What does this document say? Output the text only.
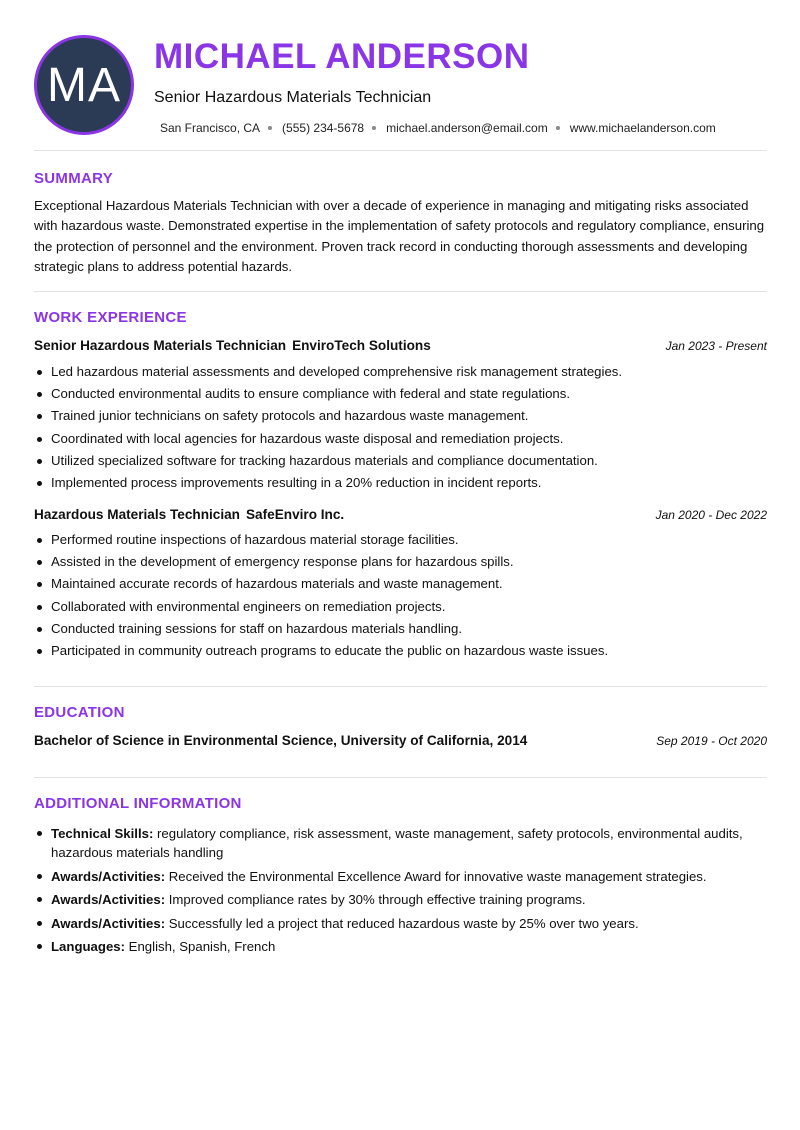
MA
MICHAEL ANDERSON
Senior Hazardous Materials Technician
San Francisco, CA (555) 234-5678 michael.anderson@email.com www.michaelanderson.com
SUMMARY
Exceptional Hazardous Materials Technician with over a decade of experience in managing and mitigating risks associated with hazardous waste. Demonstrated expertise in the implementation of safety protocols and regulatory compliance, ensuring the protection of personnel and the environment. Proven track record in conducting thorough assessments and developing strategic plans to address potential hazards.
WORK EXPERIENCE
Senior Hazardous Materials Technician EnviroTech Solutions	Jan 2023 - Present
Led hazardous material assessments and developed comprehensive risk management strategies.
Conducted environmental audits to ensure compliance with federal and state regulations.
Trained junior technicians on safety protocols and hazardous waste management.
Coordinated with local agencies for hazardous waste disposal and remediation projects.
Utilized specialized software for tracking hazardous materials and compliance documentation.
Implemented process improvements resulting in a 20% reduction in incident reports.
Hazardous Materials Technician SafeEnviro Inc.	Jan 2020 - Dec 2022
Performed routine inspections of hazardous material storage facilities.
Assisted in the development of emergency response plans for hazardous spills.
Maintained accurate records of hazardous materials and waste management.
Collaborated with environmental engineers on remediation projects.
Conducted training sessions for staff on hazardous materials handling.
Participated in community outreach programs to educate the public on hazardous waste issues.
EDUCATION
Bachelor of Science in Environmental Science, University of California, 2014	Sep 2019 - Oct 2020
ADDITIONAL INFORMATION
Technical Skills: regulatory compliance, risk assessment, waste management, safety protocols, environmental audits, hazardous materials handling
Awards/Activities: Received the Environmental Excellence Award for innovative waste management strategies.
Awards/Activities: Improved compliance rates by 30% through effective training programs.
Awards/Activities: Successfully led a project that reduced hazardous waste by 25% over two years.
Languages: English, Spanish, French
